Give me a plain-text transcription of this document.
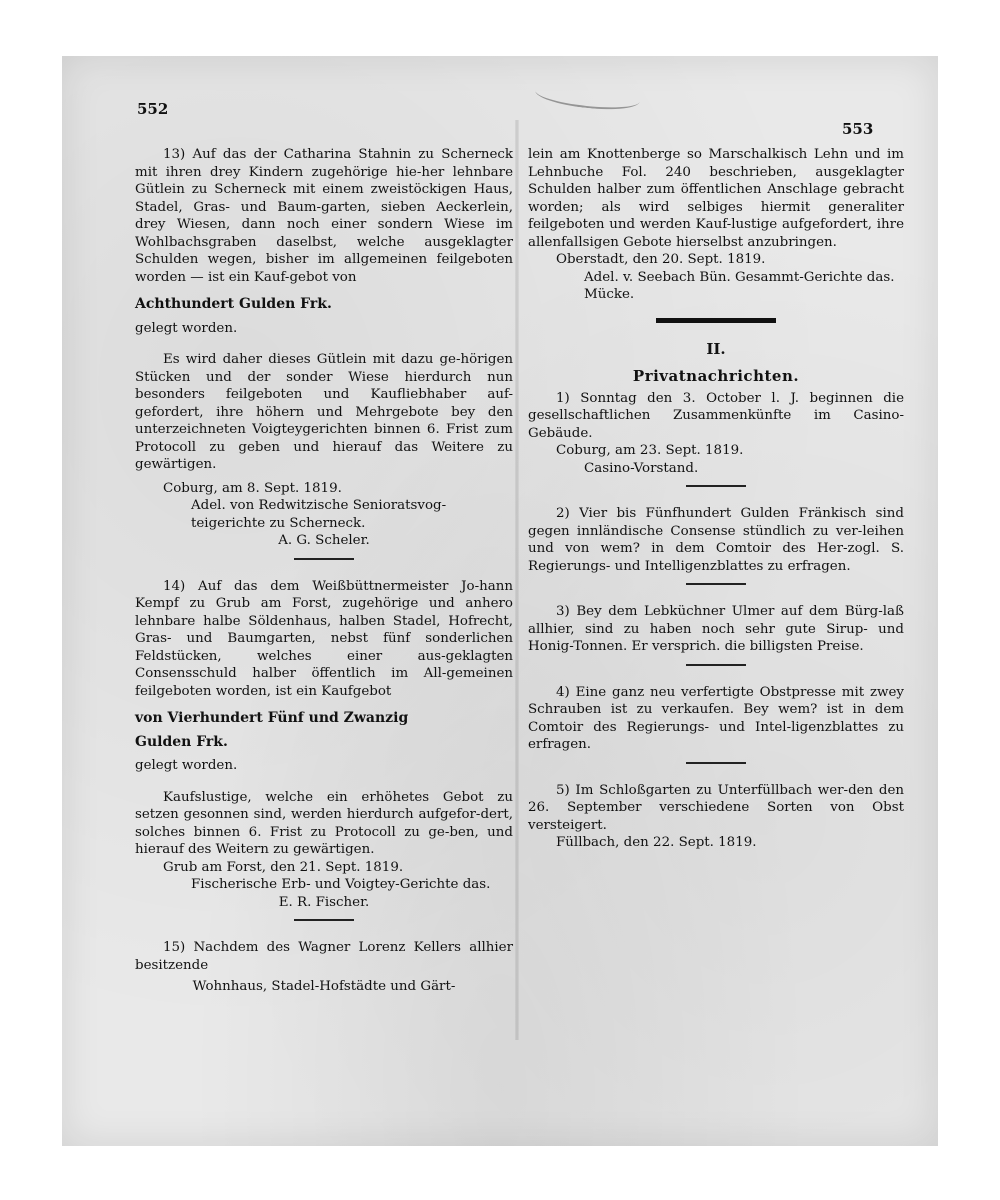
552
553

13) Auf das der Catharina Stahnin zu Scherneck mit ihren drey Kindern zugehörige hie-her lehnbare Gütlein zu Scherneck mit einem zweistöckigen Haus, Stadel, Gras- und Baum-garten, sieben Aeckerlein, drey Wiesen, dann noch einer sondern Wiese im Wohlbachsgraben daselbst, welche ausgeklagter Schulden wegen, bisher im allgemeinen feilgeboten worden — ist ein Kauf-gebot von

Achthundert Gulden Frk.

gelegt worden.

Es wird daher dieses Gütlein mit dazu ge-hörigen Stücken und der sonder Wiese hierdurch nun besonders feilgeboten und Kaufliebhaber auf-gefordert, ihre höhern und Mehrgebote bey den unterzeichneten Voigteygerichten binnen 6. Frist zum Protocoll zu geben und hierauf das Weitere zu gewärtigen.

Coburg, am 8. Sept. 1819.

Adel. von Redwitzische Senioratsvog-teigerichte zu Scherneck.

A. G. Scheler.

14) Auf das dem Weißbüttnermeister Jo-hann Kempf zu Grub am Forst, zugehörige und anhero lehnbare halbe Söldenhaus, halben Stadel, Hofrecht, Gras- und Baumgarten, nebst fünf sonderlichen Feldstücken, welches einer aus-geklagten Consensschuld halber öffentlich im All-gemeinen feilgeboten worden, ist ein Kaufgebot

von Vierhundert Fünf und Zwanzig

Gulden Frk.

gelegt worden.

Kaufslustige, welche ein erhöhetes Gebot zu setzen gesonnen sind, werden hierdurch aufgefor-dert, solches binnen 6. Frist zu Protocoll zu ge-ben, und hierauf des Weitern zu gewärtigen.

Grub am Forst, den 21. Sept. 1819.

Fischerische Erb- und Voigtey-Gerichte das.

E. R. Fischer.

15) Nachdem des Wagner Lorenz Kellers allhier besitzende

Wohnhaus, Stadel-Hofstädte und Gärt-

lein am Knottenberge so Marschalkisch Lehn und im Lehnbuche Fol. 240 beschrieben, ausgeklagter Schulden halber zum öffentlichen Anschlage gebracht worden; als wird selbiges hiermit generaliter feilgeboten und werden Kauf-lustige aufgefordert, ihre allenfallsigen Gebote hierselbst anzubringen.

Oberstadt, den 20. Sept. 1819.

Adel. v. Seebach Bün. Gesammt-Gerichte das.

Mücke.

II.
Privatnachrichten.

1) Sonntag den 3. October l. J. beginnen die gesellschaftlichen Zusammenkünfte im Casino-Gebäude.

Coburg, am 23. Sept. 1819.

Casino-Vorstand.

2) Vier bis Fünfhundert Gulden Fränkisch sind gegen innländische Consense stündlich zu ver-leihen und von wem? in dem Comtoir des Her-zogl. S. Regierungs- und Intelligenzblattes zu erfragen.

3) Bey dem Lebküchner Ulmer auf dem Bürg-laß allhier, sind zu haben noch sehr gute Sirup- und Honig-Tonnen. Er versprich. die billigsten Preise.

4) Eine ganz neu verfertigte Obstpresse mit zwey Schrauben ist zu verkaufen. Bey wem? ist in dem Comtoir des Regierungs- und Intel-ligenzblattes zu erfragen.

5) Im Schloßgarten zu Unterfüllbach wer-den den 26. September verschiedene Sorten von Obst versteigert.

Füllbach, den 22. Sept. 1819.
